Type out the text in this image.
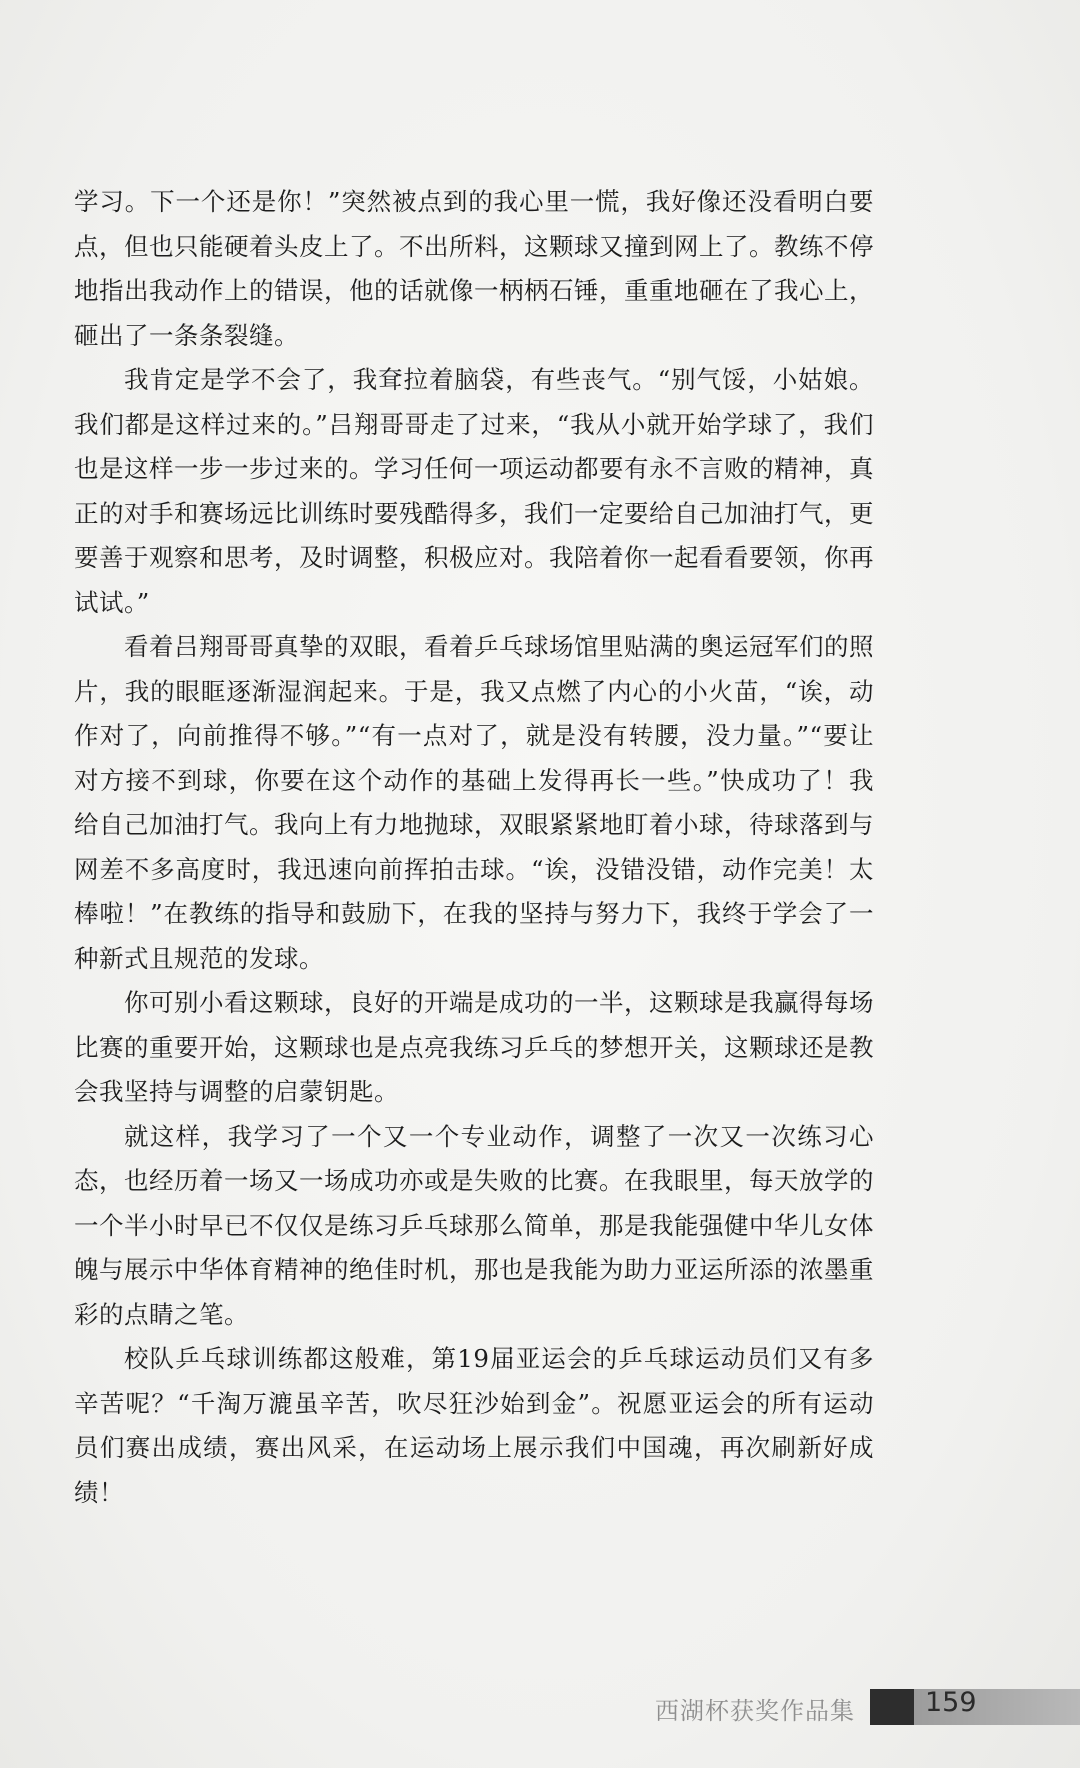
学习。下一个还是你！”突然被点到的我心里一慌，我好像还没看明白要点，但也只能硬着头皮上了。不出所料，这颗球又撞到网上了。教练不停地指出我动作上的错误，他的话就像一柄柄石锤，重重地砸在了我心上，砸出了一条条裂缝。

我肯定是学不会了，我耷拉着脑袋，有些丧气。“别气馁，小姑娘。我们都是这样过来的。”吕翔哥哥走了过来，“我从小就开始学球了，我们也是这样一步一步过来的。学习任何一项运动都要有永不言败的精神，真正的对手和赛场远比训练时要残酷得多，我们一定要给自己加油打气，更要善于观察和思考，及时调整，积极应对。我陪着你一起看看要领，你再试试。”

看着吕翔哥哥真挚的双眼，看着乒乓球场馆里贴满的奥运冠军们的照片，我的眼眶逐渐湿润起来。于是，我又点燃了内心的小火苗，“诶，动作对了，向前推得不够。”“有一点对了，就是没有转腰，没力量。”“要让对方接不到球，你要在这个动作的基础上发得再长一些。”快成功了！我给自己加油打气。我向上有力地抛球，双眼紧紧地盯着小球，待球落到与网差不多高度时，我迅速向前挥拍击球。“诶，没错没错，动作完美！太棒啦！”在教练的指导和鼓励下，在我的坚持与努力下，我终于学会了一种新式且规范的发球。

你可别小看这颗球，良好的开端是成功的一半，这颗球是我赢得每场比赛的重要开始，这颗球也是点亮我练习乒乓的梦想开关，这颗球还是教会我坚持与调整的启蒙钥匙。

就这样，我学习了一个又一个专业动作，调整了一次又一次练习心态，也经历着一场又一场成功亦或是失败的比赛。在我眼里，每天放学的一个半小时早已不仅仅是练习乒乓球那么简单，那是我能强健中华儿女体魄与展示中华体育精神的绝佳时机，那也是我能为助力亚运所添的浓墨重彩的点睛之笔。

校队乒乓球训练都这般难，第19届亚运会的乒乓球运动员们又有多辛苦呢？“千淘万漉虽辛苦，吹尽狂沙始到金”。祝愿亚运会的所有运动员们赛出成绩，赛出风采，在运动场上展示我们中国魂，再次刷新好成绩！

西湖杯获奖作品集	159
